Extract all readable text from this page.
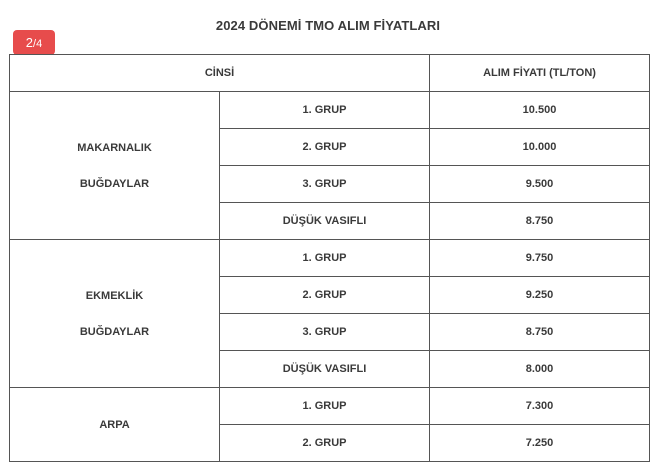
2024 DÖNEMİ TMO ALIM FİYATLARI
2/4
CİNSİ		ALIM FİYATI (TL/TON)

MAKARNALIK
BUĞDAYLAR	1. GRUP	10.500
	2. GRUP	10.000
	3. GRUP	9.500
	DÜŞÜK VASIFLI	8.750

EKMEKLİK
BUĞDAYLAR	1. GRUP	9.750
	2. GRUP	9.250
	3. GRUP	8.750
	DÜŞÜK VASIFLI	8.000
ARPA	1. GRUP	7.300
	2. GRUP	7.250
